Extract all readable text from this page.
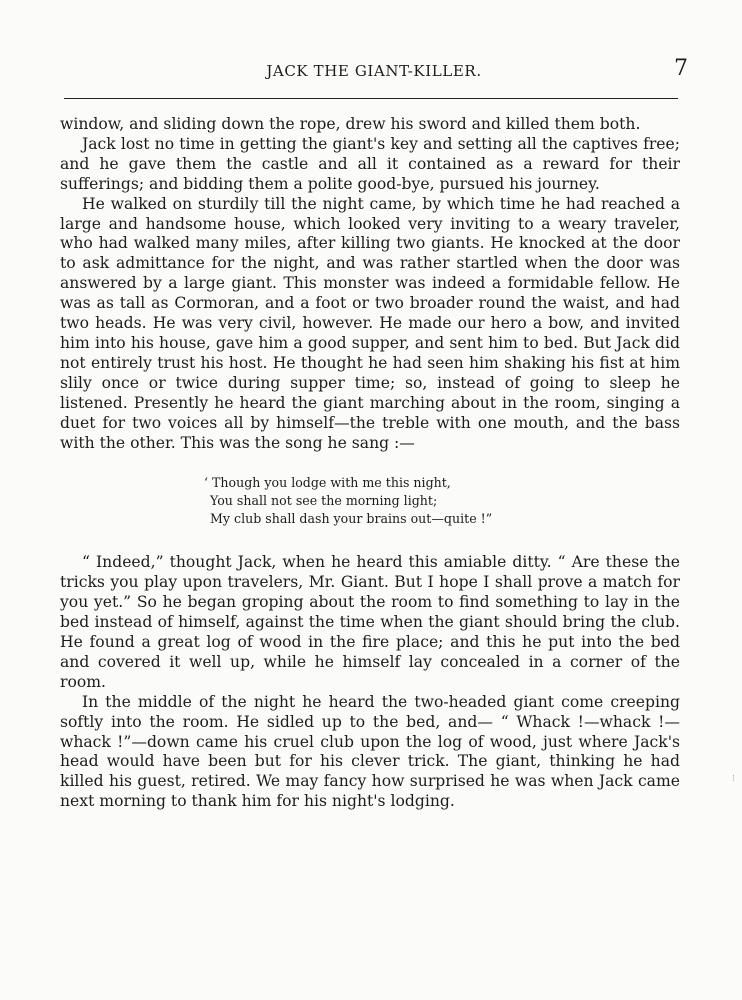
JACK THE GIANT-KILLER.	7

window, and sliding down the rope, drew his sword and killed them both.

Jack lost no time in getting the giant's key and setting all the captives free; and he gave them the castle and all it contained as a reward for their sufferings; and bidding them a polite good-bye, pursued his journey.

He walked on sturdily till the night came, by which time he had reached a large and handsome house, which looked very inviting to a weary traveler, who had walked many miles, after killing two giants. He knocked at the door to ask admittance for the night, and was rather startled when the door was answered by a large giant. This monster was indeed a formidable fellow. He was as tall as Cormoran, and a foot or two broader round the waist, and had two heads. He was very civil, however. He made our hero a bow, and invited him into his house, gave him a good supper, and sent him to bed. But Jack did not entirely trust his host. He thought he had seen him shaking his fist at him slily once or twice during supper time; so, instead of going to sleep he listened. Presently he heard the giant marching about in the room, singing a duet for two voices all by himself—the treble with one mouth, and the bass with the other. This was the song he sang :—

‘ Though you lodge with me this night,
You shall not see the morning light;
My club shall dash your brains out—quite !”

“ Indeed,” thought Jack, when he heard this amiable ditty. “ Are these the tricks you play upon travelers, Mr. Giant. But I hope I shall prove a match for you yet.” So he began groping about the room to find something to lay in the bed instead of himself, against the time when the giant should bring the club. He found a great log of wood in the fire place; and this he put into the bed and covered it well up, while he himself lay concealed in a corner of the room.

In the middle of the night he heard the two-headed giant come creeping softly into the room. He sidled up to the bed, and— “ Whack !—whack !—whack !”—down came his cruel club upon the log of wood, just where Jack's head would have been but for his clever trick. The giant, thinking he had killed his guest, retired. We may fancy how surprised he was when Jack came next morning to thank him for his night's lodging.

⁝
